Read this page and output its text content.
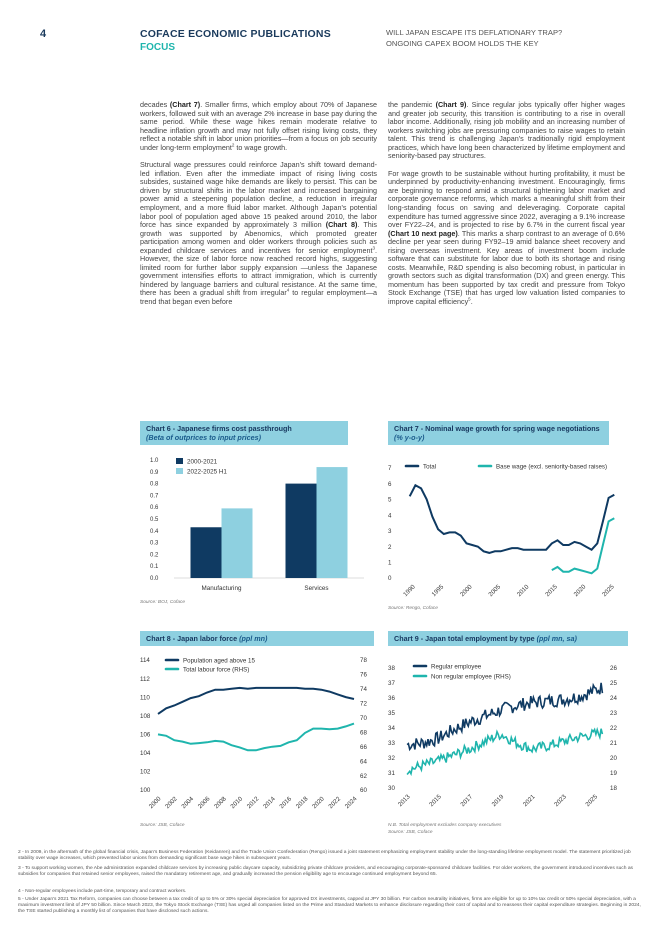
4	COFACE ECONOMIC PUBLICATIONS
FOCUS
WILL JAPAN ESCAPE ITS DEFLATIONARY TRAP?
ONGOING CAPEX BOOM HOLDS THE KEY

decades (Chart 7). Smaller firms, which employ about 70% of Japanese workers, followed suit with an average 2% increase in base pay during the same period. While these wage hikes remain moderate relative to headline inflation growth and may not fully offset rising living costs, they reflect a notable shift in labor union priorities—from a focus on job security under long-term employment$^2$ to wage growth.

Structural wage pressures could reinforce Japan's shift toward demand-led inflation. Even after the immediate impact of rising living costs subsides, sustained wage hike demands are likely to persist. This can be driven by structural shifts in the labor market and increased bargaining power amid a steepening population decline, a reduction in irregular employment, and a more fluid labor market. Although Japan's potential labor pool of population aged above 15 peaked around 2010, the labor force has since expanded by approximately 3 million (Chart 8). This growth was supported by Abenomics, which promoted greater participation among women and older workers through policies such as expanded childcare services and incentives for senior employment$^3$. However, the size of labor force now reached record highs, suggesting limited room for further labor supply expansion —unless the Japanese government intensifies efforts to attract immigration, which is currently hindered by language barriers and cultural resistance. At the same time, there has been a gradual shift from irregular$^4$ to regular employment—a trend that began even before

the pandemic (Chart 9). Since regular jobs typically offer higher wages and greater job security, this transition is contributing to a rise in overall labor income. Additionally, rising job mobility and an increasing number of workers switching jobs are pressuring companies to raise wages to retain talent. This trend is challenging Japan's traditionally rigid employment practices, which have long been characterized by lifetime employment and seniority-based pay structures.

For wage growth to be sustainable without hurting profitability, it must be underpinned by productivity-enhancing investment. Encouragingly, firms are beginning to respond amid a structural tightening labor market and corporate governance reforms, which marks a meaningful shift from their long-standing focus on saving and deleveraging. Corporate capital expenditure has turned aggressive since 2022, averaging a 9.1% increase over FY22–24, and is projected to rise by 6.7% in the current fiscal year (Chart 10 next page). This marks a sharp contrast to an average of 0.6% decline per year seen during FY92–19 amid balance sheet recovery and rising overseas investment. Key areas of investment boom include software that can substitute for labor due to both its shortage and rising costs. Meanwhile, R&D spending is also becoming robust, in particular in growth sectors such as digital transformation (DX) and green energy. This momentum has been supported by tax credit and pressure from Tokyo Stock Exchange (TSE) that has urged low valuation listed companies to improve capital efficiency$^5$.

Chart 6 - Japanese firms cost passthrough
(Beta of outprices to input prices)
0.0
0.1
0.2
0.3
0.4
0.5
0.6
0.7
0.8
0.9
1.0
Manufacturing	Services
2000-2021
2022-2025 H1
Source: BOJ, Coface
Chart 7 - Nominal wage growth for spring wage negotiations (% y-o-y)
0
1
2
3
4
5
6
7
1990 1995 2000 2005 2010 2015 2020 2025
Total	Base wage (excl. seniority-based raises)
Source: Rengo, Coface
Chart 8 - Japan labor force (ppl mn)
100
102
104
106
108
110
112
114
60
62
64
66
68
70
72
74
76
78
2000 2002 2004 2006 2008 2010 2012 2014 2016 2018 2020 2022 2024
Population aged above 15
Total labour force (RHS)
Source: JSB, Coface
Chart 9 - Japan total employment by type (ppl mn, sa)
30
31
32
33
34
35
36
37
38
18
19
20
21
22
23
24
25
26
2013	2015	2017	2019	2021	2023	2025
Regular employee
Non regular employee (RHS)
N.B. Total employment excludes company executives
Source: JSB, Coface
2 - In 2009, in the aftermath of the global financial crisis, Japan's Business Federation (Keidanren) and the Trade Union Confederation (Rengo) issued a joint statement emphasizing employment stability under the long-standing lifetime employment model. The statement prioritized job stability over wage increases, which prevented labor unions from demanding significant base wage hikes in subsequent years.
3 - To support working women, the Abe administration expanded childcare services by increasing public daycare capacity, subsidizing private childcare providers, and encouraging corporate-sponsored childcare facilities. For older workers, the government introduced incentives such as subsidies for companies that retained senior employees, raised the mandatory retirement age, and gradually increased the pension eligibility age to encourage continued employment beyond 65.
4 - Non-regular employees include part-time, temporary and contract workers.
5 - Under Japan's 2021 Tax Reform, companies can choose between a tax credit of up to 5% or 30% special depreciation for approved DX investments, capped at JPY 30 billion. For carbon neutrality initiatives, firms are eligible for up to 10% tax credit or 50% special depreciation, with a maximum investment limit of JPY 50 billion. Since March 2023, the Tokyo Stock Exchange (TSE) has urged all companies listed on the Prime and Standard Markets to enhance disclosure regarding their cost of capital and to reassess their capital expenditure strategies. Beginning in 2024, the TSE started publishing a monthly list of companies that have disclosed such actions.
